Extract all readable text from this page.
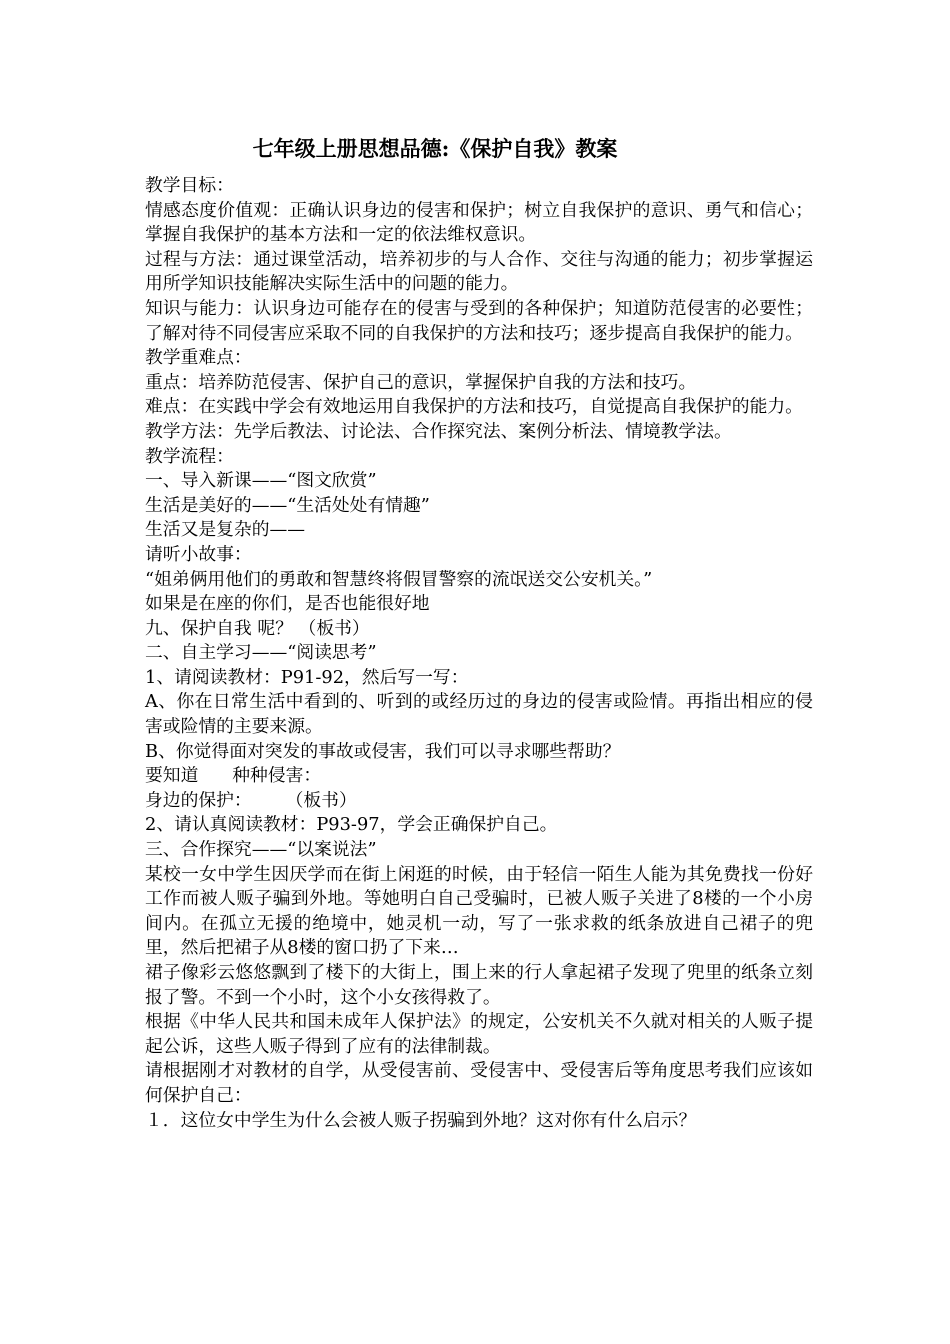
七年级上册思想品德:《保护自我》教案

教学目标：

情感态度价值观：正确认识身边的侵害和保护；树立自我保护的意识、勇气和信心；掌握自我保护的基本方法和一定的依法维权意识。

过程与方法：通过课堂活动，培养初步的与人合作、交往与沟通的能力；初步掌握运用所学知识技能解决实际生活中的问题的能力。

知识与能力：认识身边可能存在的侵害与受到的各种保护；知道防范侵害的必要性；了解对待不同侵害应采取不同的自我保护的方法和技巧；逐步提高自我保护的能力。

教学重难点：

重点：培养防范侵害、保护自己的意识，掌握保护自我的方法和技巧。

难点：在实践中学会有效地运用自我保护的方法和技巧，自觉提高自我保护的能力。

教学方法：先学后教法、讨论法、合作探究法、案例分析法、情境教学法。

教学流程：

一、导入新课——“图文欣赏”

生活是美好的——“生活处处有情趣”

生活又是复杂的——

请听小故事：

“姐弟俩用他们的勇敢和智慧终将假冒警察的流氓送交公安机关。”

如果是在座的你们，是否也能很好地

九、保护自我 呢？ （板书）

二、自主学习——“阅读思考”

1、请阅读教材：P91-92，然后写一写：

A、你在日常生活中看到的、听到的或经历过的身边的侵害或险情。再指出相应的侵害或险情的主要来源。

B、你觉得面对突发的事故或侵害，我们可以寻求哪些帮助？

要知道      种种侵害：

身边的保护：      （板书）

2、请认真阅读教材：P93-97，学会正确保护自己。

三、合作探究——“以案说法”

某校一女中学生因厌学而在街上闲逛的时候，由于轻信一陌生人能为其免费找一份好工作而被人贩子骗到外地。等她明白自己受骗时，已被人贩子关进了8楼的一个小房间内。在孤立无援的绝境中，她灵机一动，写了一张求救的纸条放进自己裙子的兜里，然后把裙子从8楼的窗口扔了下来…

裙子像彩云悠悠飘到了楼下的大街上，围上来的行人拿起裙子发现了兜里的纸条立刻报了警。不到一个小时，这个小女孩得救了。

根据《中华人民共和国未成年人保护法》的规定，公安机关不久就对相关的人贩子提起公诉，这些人贩子得到了应有的法律制裁。

请根据刚才对教材的自学，从受侵害前、受侵害中、受侵害后等角度思考我们应该如何保护自己：

１．这位女中学生为什么会被人贩子拐骗到外地？这对你有什么启示？
